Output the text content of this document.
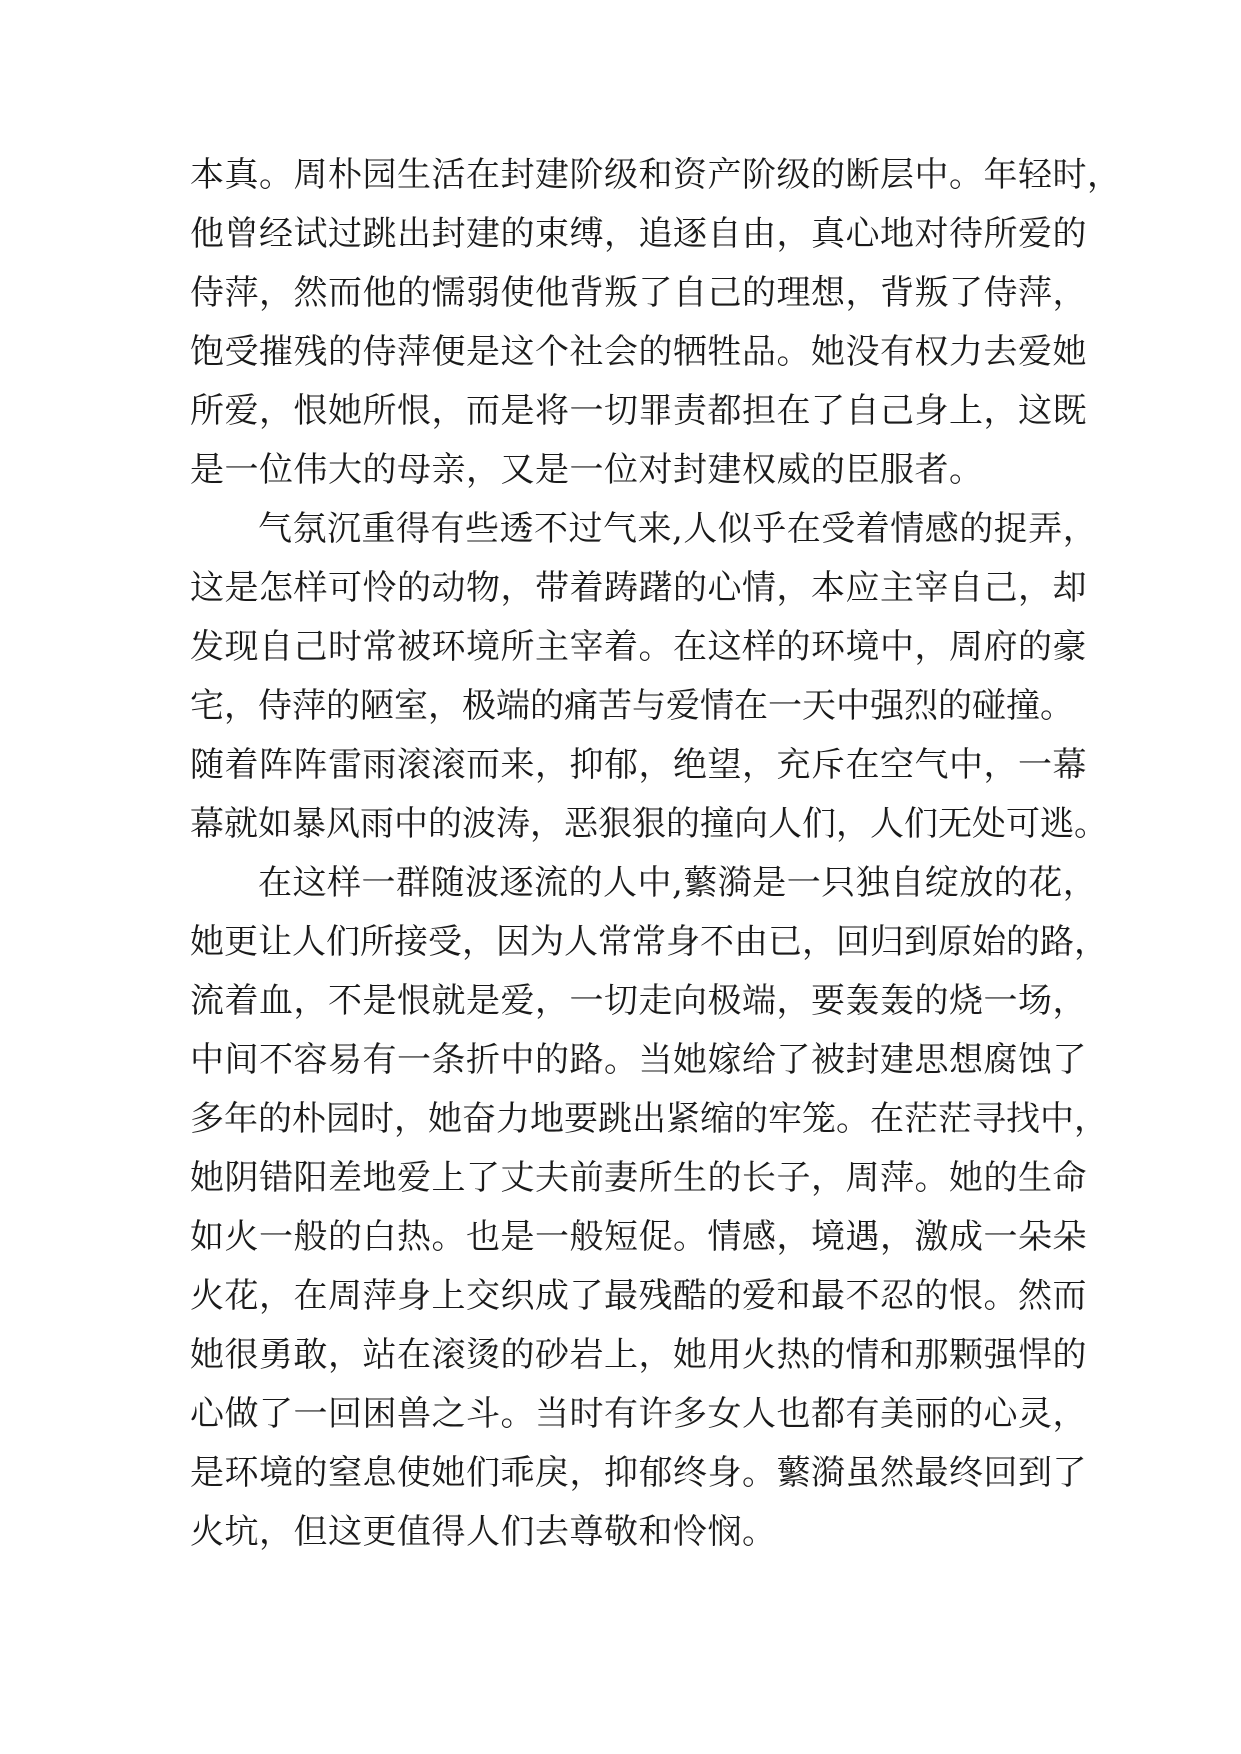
本真。周朴园生活在封建阶级和资产阶级的断层中。年轻时，
他曾经试过跳出封建的束缚，追逐自由，真心地对待所爱的
侍萍，然而他的懦弱使他背叛了自己的理想，背叛了侍萍，
饱受摧残的侍萍便是这个社会的牺牲品。她没有权力去爱她
所爱，恨她所恨，而是将一切罪责都担在了自己身上，这既
是一位伟大的母亲，又是一位对封建权威的臣服者。
气氛沉重得有些透不过气来,人似乎在受着情感的捉弄，
这是怎样可怜的动物，带着踌躇的心情，本应主宰自己，却
发现自己时常被环境所主宰着。在这样的环境中，周府的豪
宅，侍萍的陋室，极端的痛苦与爱情在一天中强烈的碰撞。
随着阵阵雷雨滚滚而来，抑郁，绝望，充斥在空气中，一幕
幕就如暴风雨中的波涛，恶狠狠的撞向人们，人们无处可逃。
在这样一群随波逐流的人中,蘩漪是一只独自绽放的花，
她更让人们所接受，因为人常常身不由已，回归到原始的路，
流着血，不是恨就是爱，一切走向极端，要轰轰的烧一场，
中间不容易有一条折中的路。当她嫁给了被封建思想腐蚀了
多年的朴园时，她奋力地要跳出紧缩的牢笼。在茫茫寻找中，
她阴错阳差地爱上了丈夫前妻所生的长子，周萍。她的生命
如火一般的白热。也是一般短促。情感，境遇，激成一朵朵
火花，在周萍身上交织成了最残酷的爱和最不忍的恨。然而
她很勇敢，站在滚烫的砂岩上，她用火热的情和那颗强悍的
心做了一回困兽之斗。当时有许多女人也都有美丽的心灵，
是环境的窒息使她们乖戾，抑郁终身。蘩漪虽然最终回到了
火坑，但这更值得人们去尊敬和怜悯。
